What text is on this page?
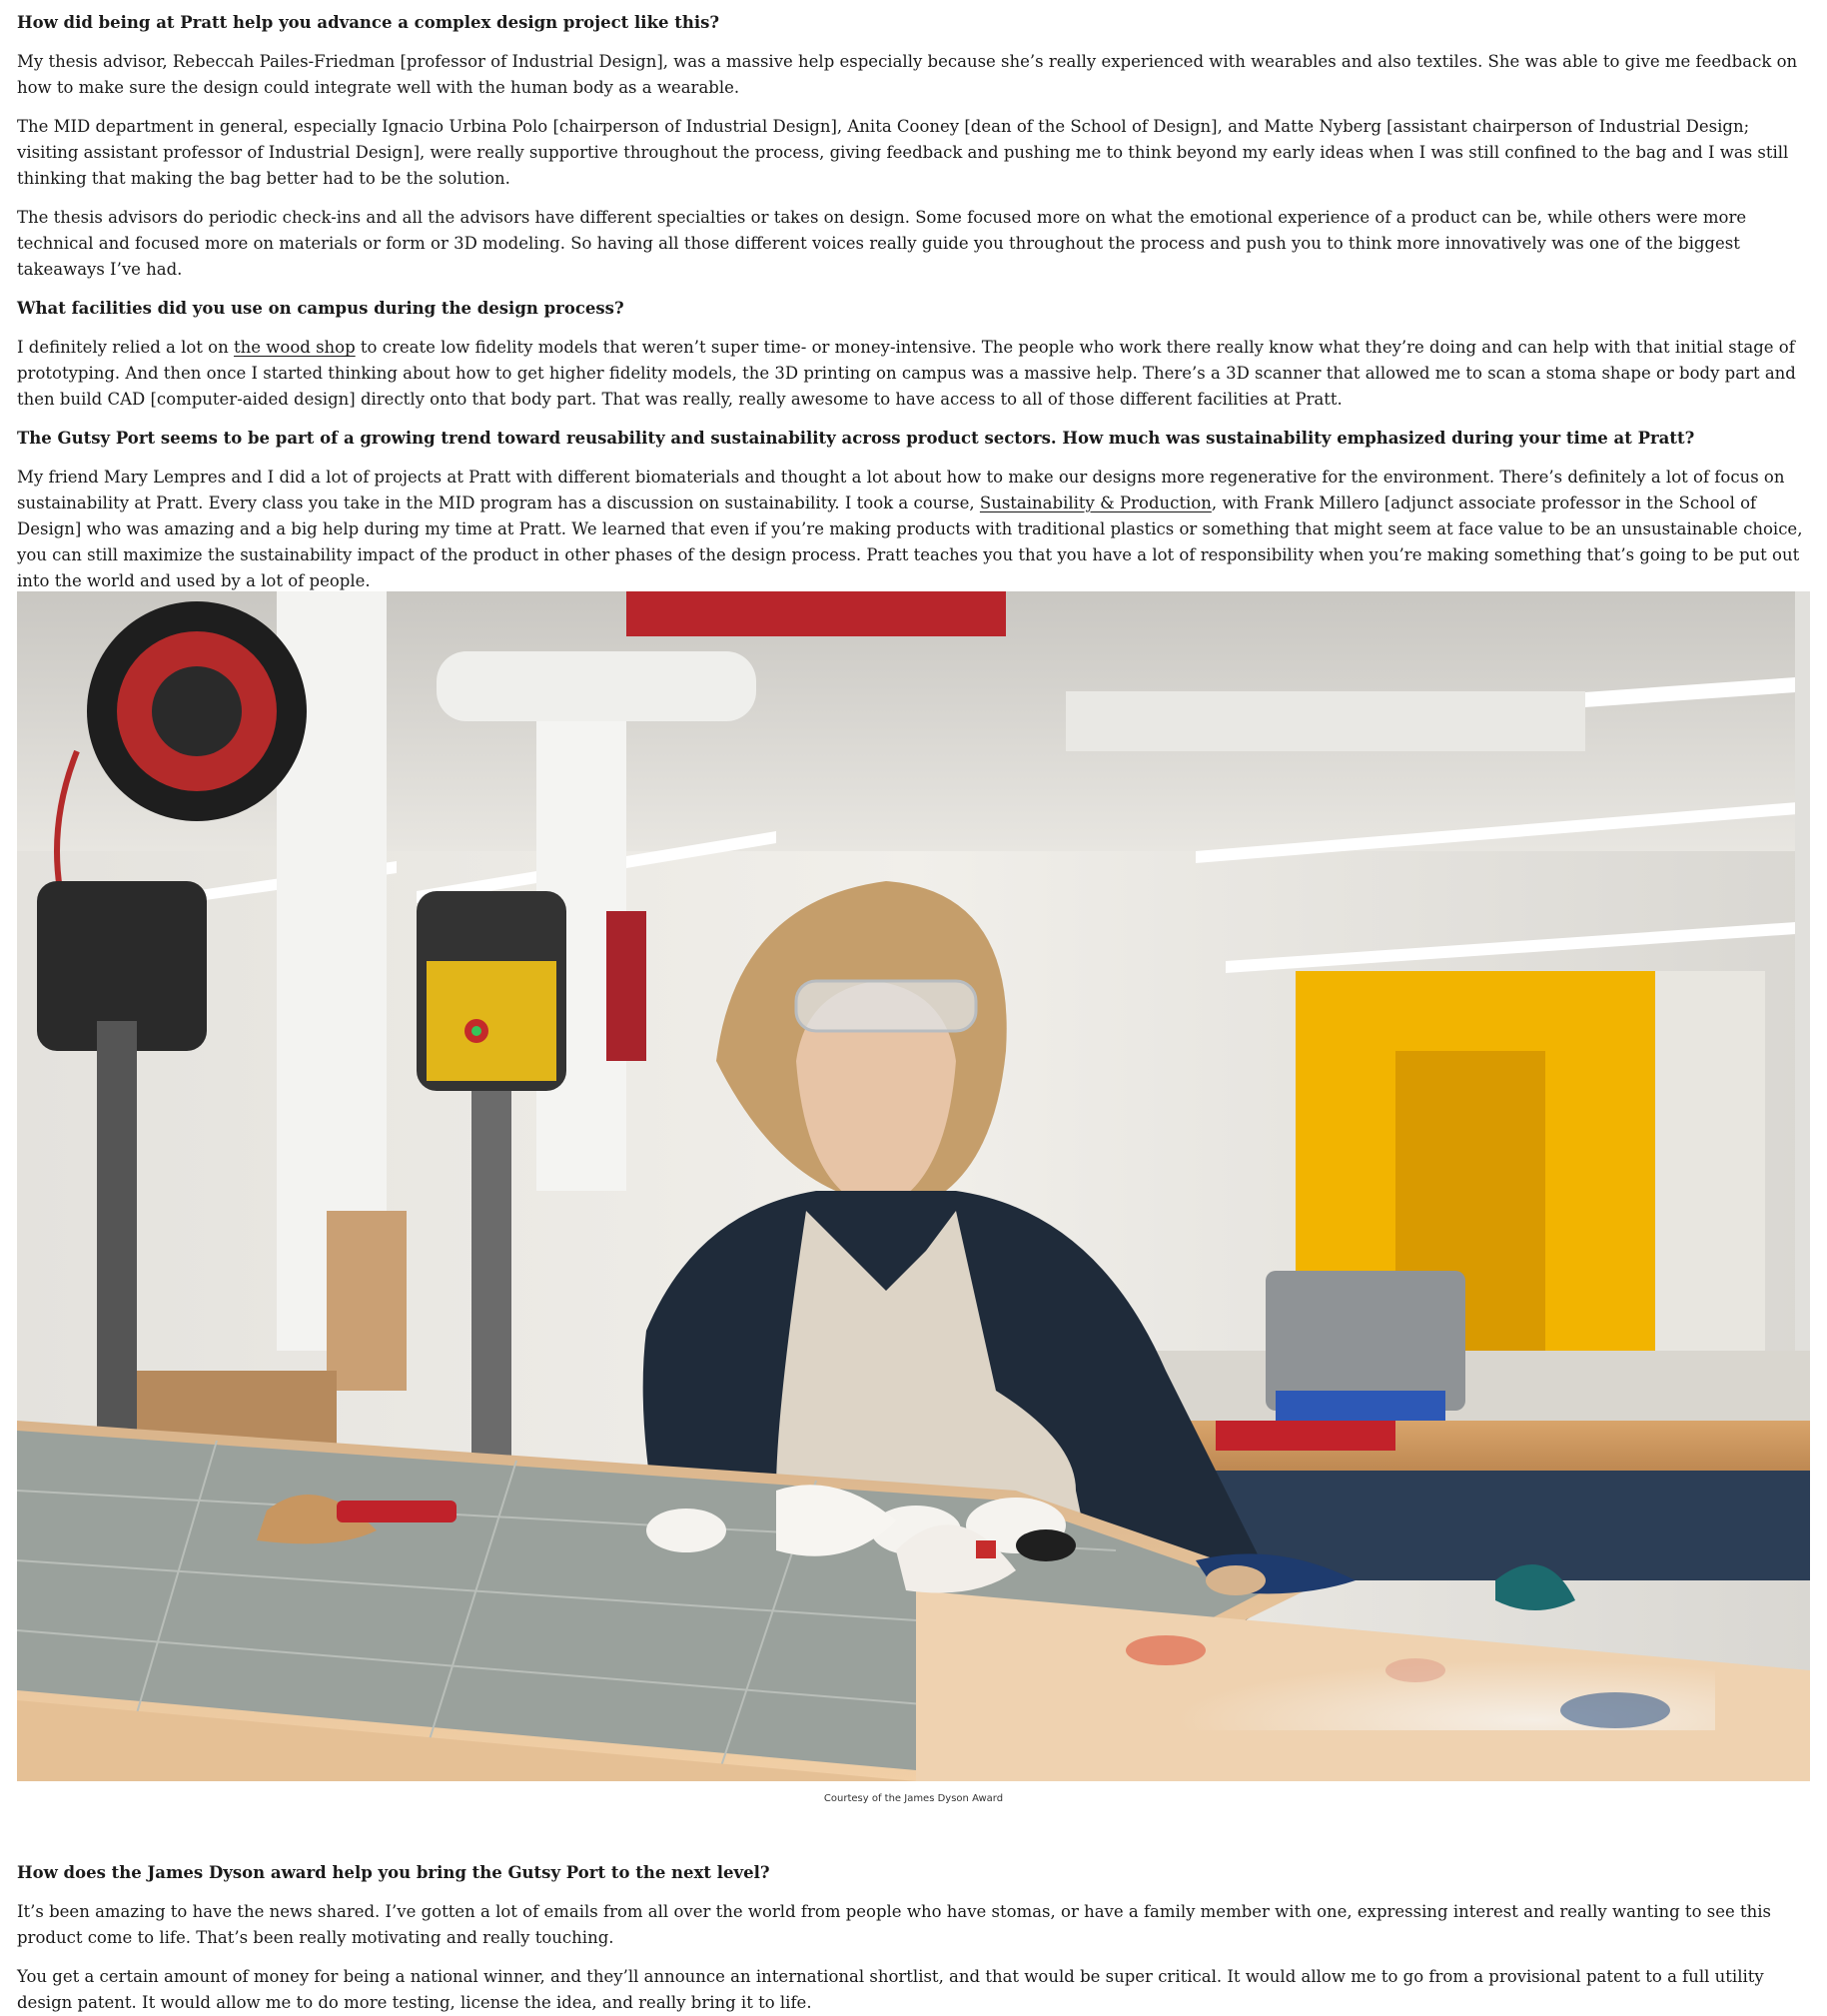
How did being at Pratt help you advance a complex design project like this?

My thesis advisor, Rebeccah Pailes-Friedman [professor of Industrial Design], was a massive help especially because she’s really experienced with wearables and also textiles. She was able to give me feedback on how to make sure the design could integrate well with the human body as a wearable.

The MID department in general, especially Ignacio Urbina Polo [chairperson of Industrial Design], Anita Cooney [dean of the School of Design], and Matte Nyberg [assistant chairperson of Industrial Design; visiting assistant professor of Industrial Design], were really supportive throughout the process, giving feedback and pushing me to think beyond my early ideas when I was still confined to the bag and I was still thinking that making the bag better had to be the solution.

The thesis advisors do periodic check-ins and all the advisors have different specialties or takes on design. Some focused more on what the emotional experience of a product can be, while others were more technical and focused more on materials or form or 3D modeling. So having all those different voices really guide you throughout the process and push you to think more innovatively was one of the biggest takeaways I’ve had.

What facilities did you use on campus during the design process?

I definitely relied a lot on the wood shop to create low fidelity models that weren’t super time- or money-intensive. The people who work there really know what they’re doing and can help with that initial stage of prototyping. And then once I started thinking about how to get higher fidelity models, the 3D printing on campus was a massive help. There’s a 3D scanner that allowed me to scan a stoma shape or body part and then build CAD [computer-aided design] directly onto that body part. That was really, really awesome to have access to all of those different facilities at Pratt.

The Gutsy Port seems to be part of a growing trend toward reusability and sustainability across product sectors. How much was sustainability emphasized during your time at Pratt?

My friend Mary Lempres and I did a lot of projects at Pratt with different biomaterials and thought a lot about how to make our designs more regenerative for the environment. There’s definitely a lot of focus on sustainability at Pratt. Every class you take in the MID program has a discussion on sustainability. I took a course, Sustainability & Production, with Frank Millero [adjunct associate professor in the School of Design] who was amazing and a big help during my time at Pratt. We learned that even if you’re making products with traditional plastics or something that might seem at face value to be an unsustainable choice, you can still maximize the sustainability impact of the product in other phases of the design process. Pratt teaches you that you have a lot of responsibility when you’re making something that’s going to be put out into the world and used by a lot of people.

Courtesy of the James Dyson Award

How does the James Dyson award help you bring the Gutsy Port to the next level?

It’s been amazing to have the news shared. I’ve gotten a lot of emails from all over the world from people who have stomas, or have a family member with one, expressing interest and really wanting to see this product come to life. That’s been really motivating and really touching.

You get a certain amount of money for being a national winner, and they’ll announce an international shortlist, and that would be super critical. It would allow me to go from a provisional patent to a full utility design patent. It would allow me to do more testing, license the idea, and really bring it to life.
